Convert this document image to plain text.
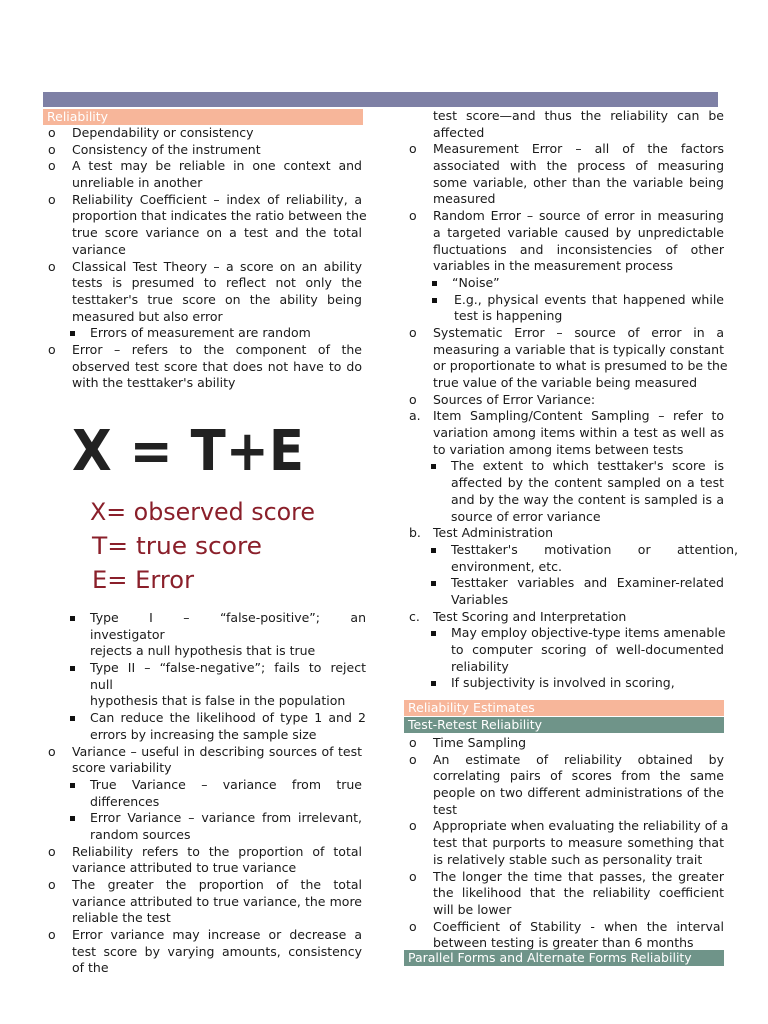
Reliability
o Dependability or consistency
o Consistency of the instrument
o A test may be reliable in one context and
unreliable in another
o Reliability Coefficient – index of reliability, a
proportion that indicates the ratio between the
true score variance on a test and the total
variance
o Classical Test Theory – a score on an ability
tests is presumed to reflect not only the
testtaker's true score on the ability being
measured but also error
Errors of measurement are random
o Error – refers to the component of the
observed test score that does not have to do
with the testtaker's ability
X = T+E
X= observed score
T= true score
E= Error
Type I – “false-positive”; an
investigator
rejects a null hypothesis that is true
Type II – “false-negative”; fails to reject
null
hypothesis that is false in the population
Can reduce the likelihood of type 1 and 2
errors by increasing the sample size
o Variance – useful in describing sources of test
score variability
True Variance – variance from true
differences
Error Variance – variance from irrelevant,
random sources
o Reliability refers to the proportion of total
variance attributed to true variance
o The greater the proportion of the total
variance attributed to true variance, the more
reliable the test
o Error variance may increase or decrease a
test score by varying amounts, consistency
of the
test score—and thus the reliability can be
affected
o Measurement Error – all of the factors
associated with the process of measuring
some variable, other than the variable being
measured
o Random Error – source of error in measuring
a targeted variable caused by unpredictable
fluctuations and inconsistencies of other
variables in the measurement process
“Noise”
E.g., physical events that happened while
test is happening
o Systematic Error – source of error in a
measuring a variable that is typically constant
or proportionate to what is presumed to be the
true value of the variable being measured
o Sources of Error Variance:
a. Item Sampling/Content Sampling – refer to
variation among items within a test as well as
to variation among items between tests
The extent to which testtaker's score is
affected by the content sampled on a test
and by the way the content is sampled is a
source of error variance
b. Test Administration
Testtaker's motivation or attention,
environment, etc.
Testtaker variables and Examiner-related
Variables
c. Test Scoring and Interpretation
May employ objective-type items amenable
to computer scoring of well-documented
reliability
If subjectivity is involved in scoring,
Reliability Estimates
Test-Retest Reliability
o Time Sampling
o An estimate of reliability obtained by
correlating pairs of scores from the same
people on two different administrations of the
test
o Appropriate when evaluating the reliability of a
test that purports to measure something that
is relatively stable such as personality trait
o The longer the time that passes, the greater
the likelihood that the reliability coefficient
will be lower
o Coefficient of Stability - when the interval
between testing is greater than 6 months
Parallel Forms and Alternate Forms Reliability
